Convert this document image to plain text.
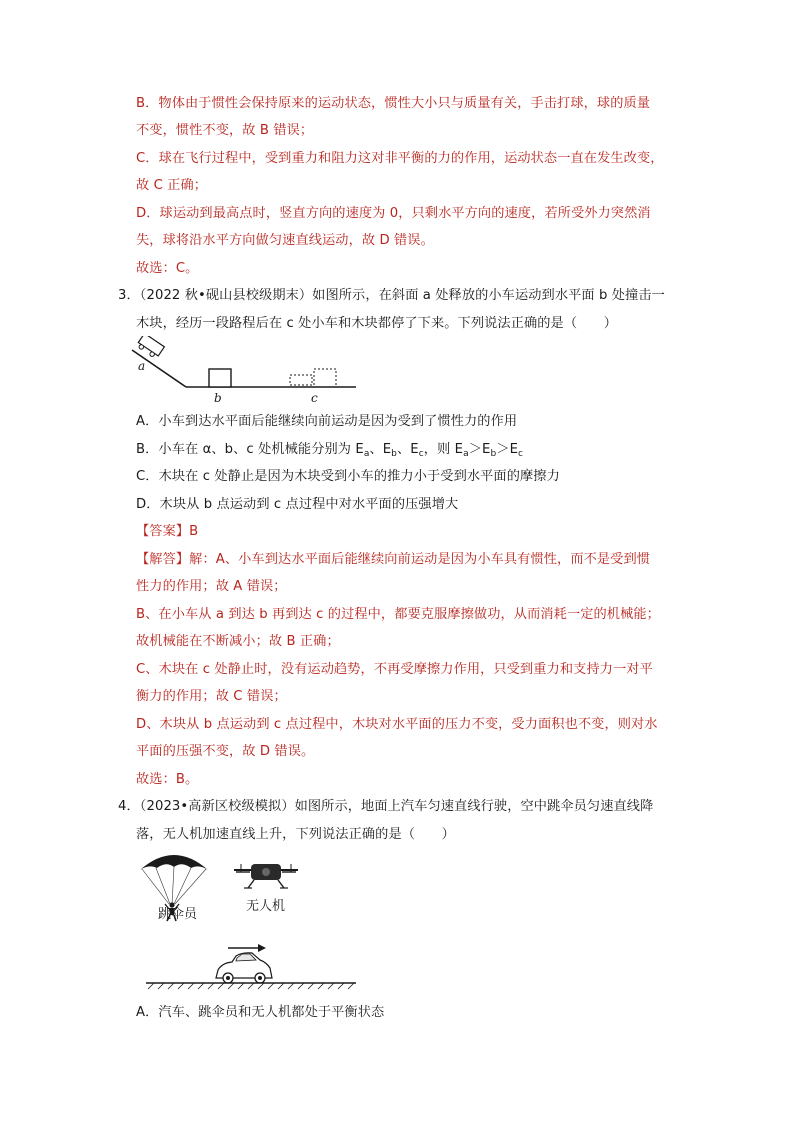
B．物体由于惯性会保持原来的运动状态，惯性大小只与质量有关，手击打球，球的质量
不变，惯性不变，故 B 错误；
C．球在飞行过程中，受到重力和阻力这对非平衡的力的作用，运动状态一直在发生改变，
故 C 正确；
D．球运动到最高点时，竖直方向的速度为 0，只剩水平方向的速度，若所受外力突然消
失，球将沿水平方向做匀速直线运动，故 D 错误。
故选：C。
3．（2022 秋•砚山县校级期末）如图所示，在斜面 a 处释放的小车运动到水平面 b 处撞击一
木块，经历一段路程后在 c 处小车和木块都停了下来。下列说法正确的是（　　）
a
b	c
A．小车到达水平面后能继续向前运动是因为受到了惯性力的作用
B．小车在 α、b、c 处机械能分别为 $E_a$、$E_b$、$E_c$，则 $E_a>E_b>E_c$
C．木块在 c 处静止是因为木块受到小车的推力小于受到水平面的摩擦力
D．木块从 b 点运动到 c 点过程中对水平面的压强增大
【答案】B
【解答】解：A、小车到达水平面后能继续向前运动是因为小车具有惯性，而不是受到惯
性力的作用；故 A 错误；
B、在小车从 a 到达 b 再到达 c 的过程中，都要克服摩擦做功，从而消耗一定的机械能；
故机械能在不断减小；故 B 正确；
C、木块在 c 处静止时，没有运动趋势，不再受摩擦力作用，只受到重力和支持力一对平
衡力的作用；故 C 错误；
D、木块从 b 点运动到 c 点过程中，木块对水平面的压力不变，受力面积也不变，则对水
平面的压强不变，故 D 错误。
故选：B。
4．（2023•高新区校级模拟）如图所示，地面上汽车匀速直线行驶，空中跳伞员匀速直线降
落，无人机加速直线上升，下列说法正确的是（　　）
跳伞员
无人机
A．汽车、跳伞员和无人机都处于平衡状态
